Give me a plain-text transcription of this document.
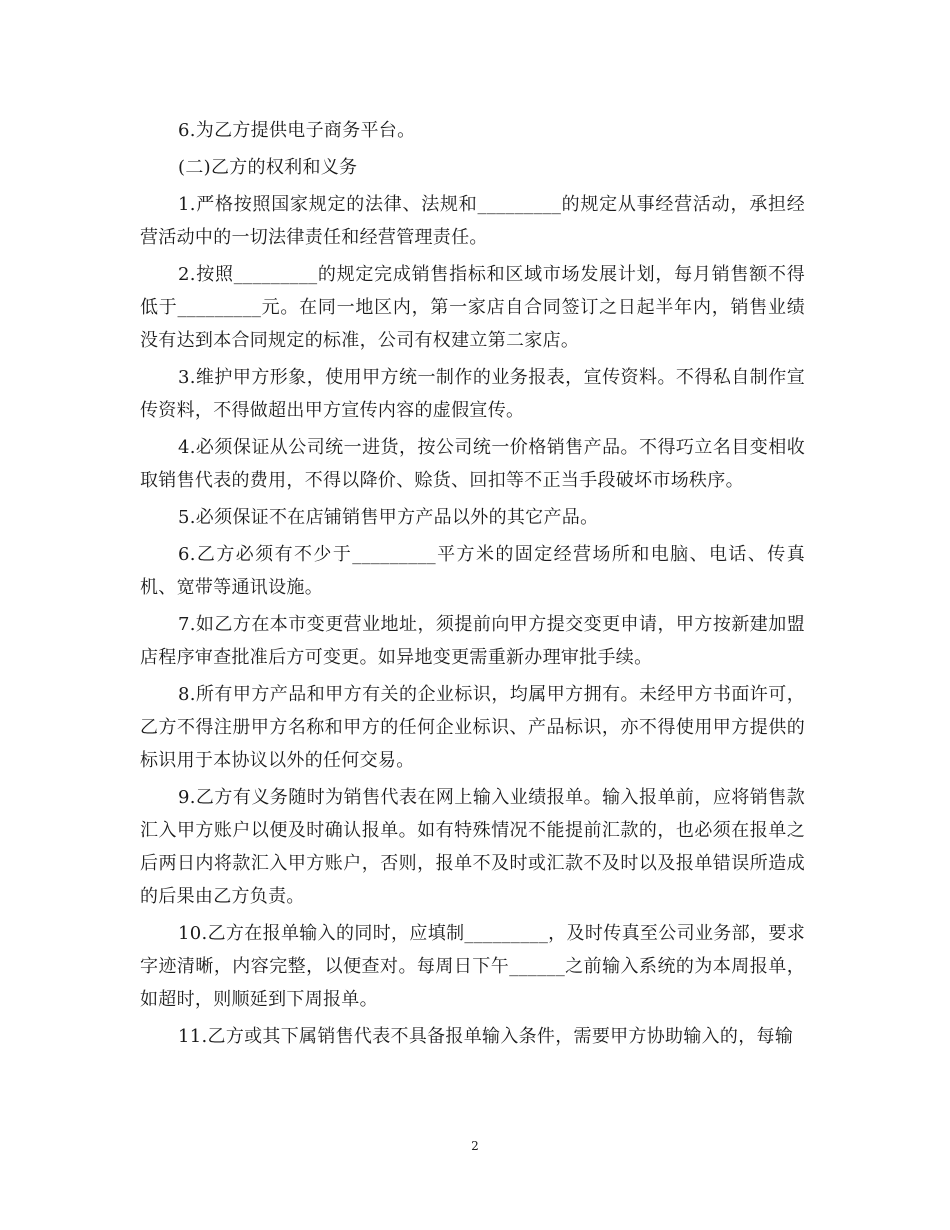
6.为乙方提供电子商务平台。

(二)乙方的权利和义务

1.严格按照国家规定的法律、法规和_________的规定从事经营活动，承担经营活动中的一切法律责任和经营管理责任。

2.按照_________的规定完成销售指标和区域市场发展计划，每月销售额不得低于_________元。在同一地区内，第一家店自合同签订之日起半年内，销售业绩没有达到本合同规定的标准，公司有权建立第二家店。

3.维护甲方形象，使用甲方统一制作的业务报表，宣传资料。不得私自制作宣传资料，不得做超出甲方宣传内容的虚假宣传。

4.必须保证从公司统一进货，按公司统一价格销售产品。不得巧立名目变相收取销售代表的费用，不得以降价、赊货、回扣等不正当手段破坏市场秩序。

5.必须保证不在店铺销售甲方产品以外的其它产品。

6.乙方必须有不少于_________平方米的固定经营场所和电脑、电话、传真机、宽带等通讯设施。

7.如乙方在本市变更营业地址，须提前向甲方提交变更申请，甲方按新建加盟店程序审查批准后方可变更。如异地变更需重新办理审批手续。

8.所有甲方产品和甲方有关的企业标识，均属甲方拥有。未经甲方书面许可，乙方不得注册甲方名称和甲方的任何企业标识、产品标识，亦不得使用甲方提供的标识用于本协议以外的任何交易。

9.乙方有义务随时为销售代表在网上输入业绩报单。输入报单前，应将销售款汇入甲方账户以便及时确认报单。如有特殊情况不能提前汇款的，也必须在报单之后两日内将款汇入甲方账户，否则，报单不及时或汇款不及时以及报单错误所造成的后果由乙方负责。

10.乙方在报单输入的同时，应填制_________，及时传真至公司业务部，要求字迹清晰，内容完整，以便查对。每周日下午______之前输入系统的为本周报单，如超时，则顺延到下周报单。

11.乙方或其下属销售代表不具备报单输入条件，需要甲方协助输入的，每输

2
